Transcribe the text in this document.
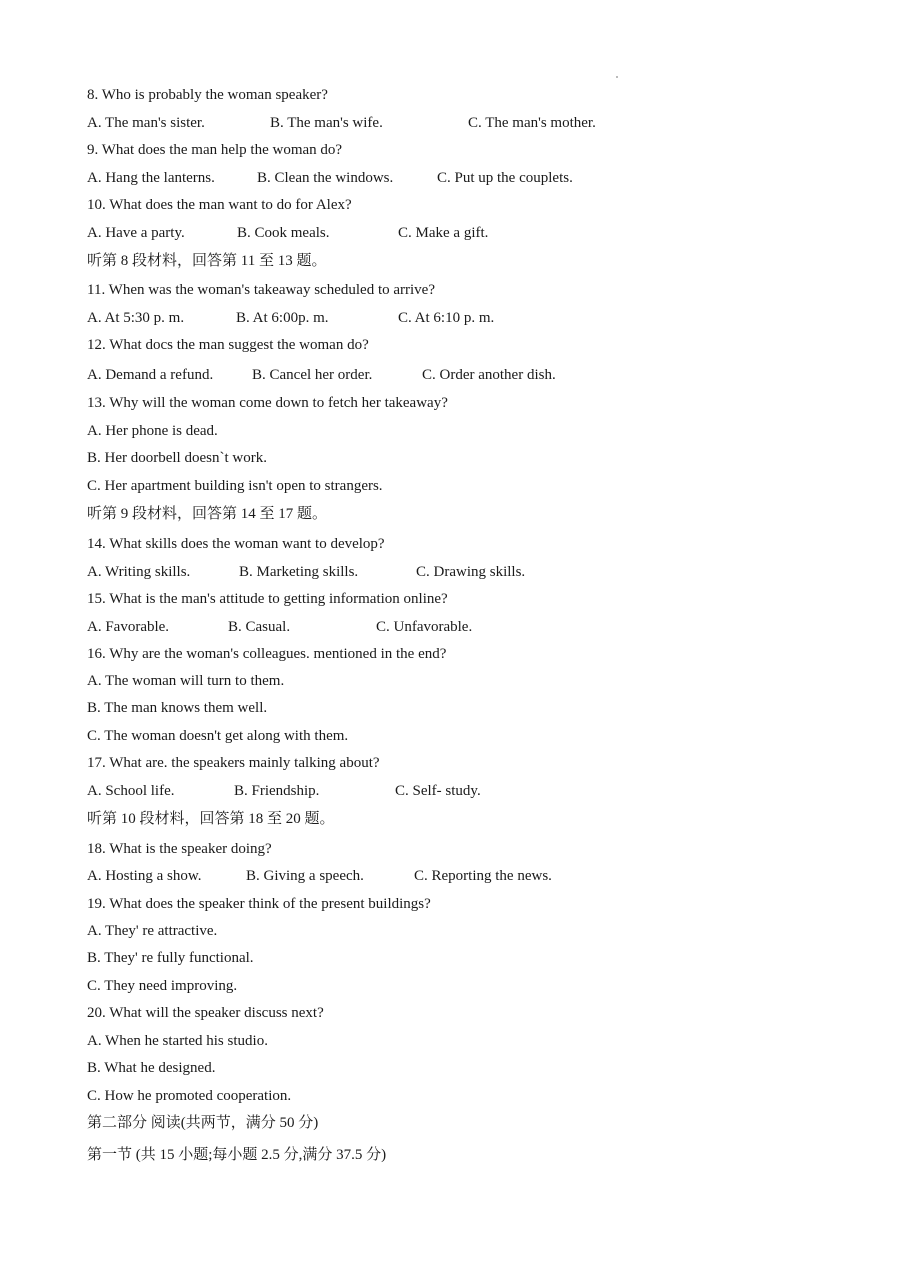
8. Who is probably the woman speaker?
A. The man's sister.	B. The man's wife.	C. The man's mother.
9. What does the man help the woman do?
A. Hang the lanterns.	B. Clean the windows.	C. Put up the couplets.
10. What does the man want to do for Alex?
A. Have a party.	B. Cook meals.	C. Make a gift.
听第 8 段材料，回答第 11 至 13 题。
11. When was the woman's takeaway scheduled to arrive?
A. At 5:30 p. m.	B. At 6:00p. m.	C. At 6:10 p. m.
12. What docs the man suggest the woman do?
A. Demand a refund.	B. Cancel her order.	C. Order another dish.
13. Why will the woman come down to fetch her takeaway?
A. Her phone is dead.
B. Her doorbell doesn`t work.
C. Her apartment building isn't open to strangers.
听第 9 段材料，回答第 14 至 17 题。
14. What skills does the woman want to develop?
A. Writing skills.	B. Marketing skills.	C. Drawing skills.
15. What is the man's attitude to getting information online?
A. Favorable.	B. Casual.	C. Unfavorable.
16. Why are the woman's colleagues. mentioned in the end?
A. The woman will turn to them.
B. The man knows them well.
C. The woman doesn't get along with them.
17. What are. the speakers mainly talking about?
A. School life.	B. Friendship.	C. Self- study.
听第 10 段材料，回答第 18 至 20 题。
18. What is the speaker doing?
A. Hosting a show.	B. Giving a speech.	C. Reporting the news.
19. What does the speaker think of the present buildings?
A. They' re attractive.
B. They' re fully functional.
C. They need improving.
20. What will the speaker discuss next?
A. When he started his studio.
B. What he designed.
C. How he promoted cooperation.
第二部分 阅读(共两节，满分 50 分)
第一节 (共 15 小题;每小题 2.5 分,满分 37.5 分)
